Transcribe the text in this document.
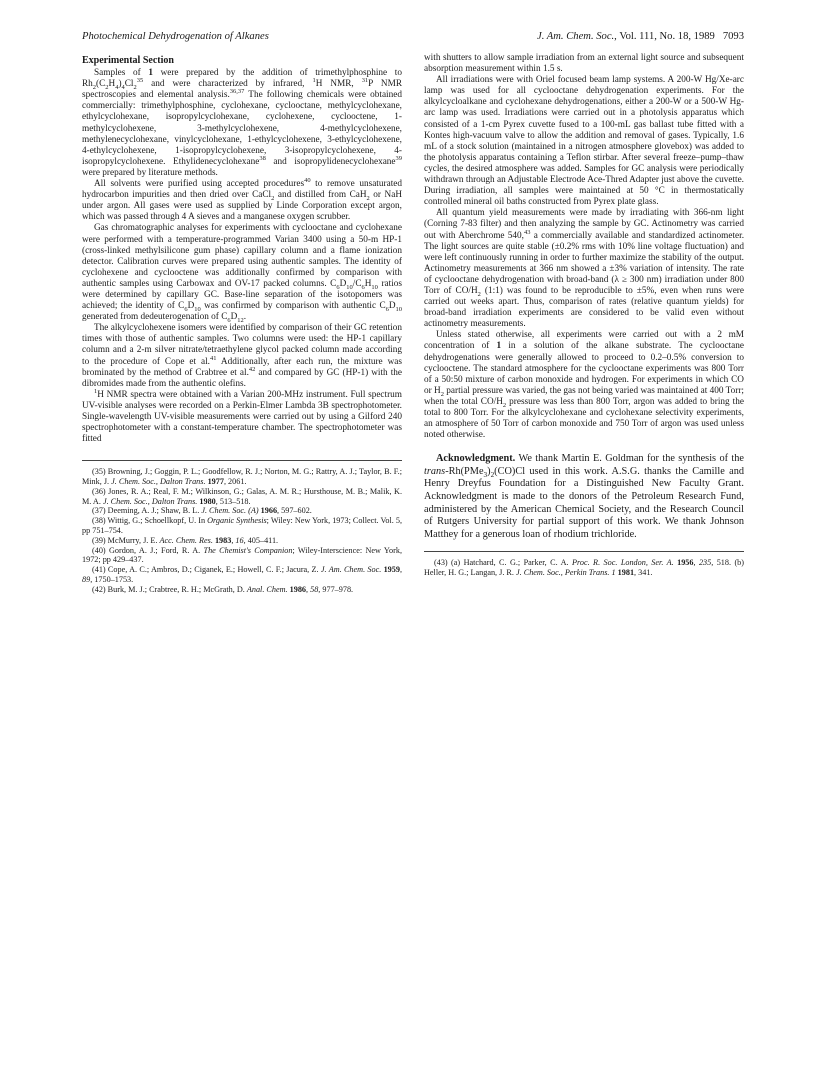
Photochemical Dehydrogenation of Alkanes	J. Am. Chem. Soc., Vol. 111, No. 18, 1989 7093
Experimental Section

Samples of 1 were prepared by the addition of trimethylphosphine to $Rh_2(C_2H_4)_4Cl_2^{35}$ and were characterized by infrared, $^1$H NMR, $^{31}$P NMR spectroscopies and elemental analysis.$^{36,37}$ The following chemicals were obtained commercially: trimethylphosphine, cyclohexane, cyclooctane, methylcyclohexane, ethylcyclohexane, isopropylcyclohexane, cyclohexene, cyclooctene, 1-methylcyclohexene, 3-methylcyclohexene, 4-methylcyclohexene, methylenecyclohexane, vinylcyclohexane, 1-ethylcyclohexene, 3-ethylcyclohexene, 4-ethylcyclohexene, 1-isopropylcyclohexene, 3-isopropylcyclohexene, 4-isopropylcyclohexene. Ethylidenecyclohexane$^{38}$ and isopropylidenecyclohexane$^{39}$ were prepared by literature methods.

All solvents were purified using accepted procedures$^{40}$ to remove unsaturated hydrocarbon impurities and then dried over CaCl$_2$ and distilled from CaH$_2$ or NaH under argon. All gases were used as supplied by Linde Corporation except argon, which was passed through 4 A sieves and a manganese oxygen scrubber.

Gas chromatographic analyses for experiments with cyclooctane and cyclohexane were performed with a temperature-programmed Varian 3400 using a 50-m HP-1 (cross-linked methylsilicone gum phase) capillary column and a flame ionization detector. Calibration curves were prepared using authentic samples. The identity of cyclohexene and cyclooctene was additionally confirmed by comparison with authentic samples using Carbowax and OV-17 packed columns. $C_6D_{10}/C_6H_{10}$ ratios were determined by capillary GC. Base-line separation of the isotopomers was achieved; the identity of $C_6D_{10}$ was confirmed by comparison with authentic $C_6D_{10}$ generated from dedeuterogenation of $C_6D_{12}$.

The alkylcyclohexene isomers were identified by comparison of their GC retention times with those of authentic samples. Two columns were used: the HP-1 capillary column and a 2-m silver nitrate/tetraethylene glycol packed column made according to the procedure of Cope et al.$^{41}$ Additionally, after each run, the mixture was brominated by the method of Crabtree et al.$^{42}$ and compared by GC (HP-1) with the dibromides made from the authentic olefins.

$^1$H NMR spectra were obtained with a Varian 200-MHz instrument. Full spectrum UV-visible analyses were recorded on a Perkin-Elmer Lambda 3B spectrophotometer. Single-wavelength UV-visible measurements were carried out by using a Gilford 240 spectrophotometer with a constant-temperature chamber. The spectrophotometer was fitted

(35) Browning, J.; Goggin, P. L.; Goodfellow, R. J.; Norton, M. G.; Rattry, A. J.; Taylor, B. F.; Mink, J. J. Chem. Soc., Dalton Trans. 1977, 2061.

(36) Jones, R. A.; Real, F. M.; Wilkinson, G.; Galas, A. M. R.; Hursthouse, M. B.; Malik, K. M. A. J. Chem. Soc., Dalton Trans. 1980, 513–518.

(37) Deeming, A. J.; Shaw, B. L. J. Chem. Soc. (A) 1966, 597–602.

(38) Wittig, G.; Schoellkopf, U. In Organic Synthesis; Wiley: New York, 1973; Collect. Vol. 5, pp 751–754.

(39) McMurry, J. E. Acc. Chem. Res. 1983, 16, 405–411.

(40) Gordon, A. J.; Ford, R. A. The Chemist's Companion; Wiley-Interscience: New York, 1972; pp 429–437.

(41) Cope, A. C.; Ambros, D.; Ciganek, E.; Howell, C. F.; Jacura, Z. J. Am. Chem. Soc. 1959, 89, 1750–1753.

(42) Burk, M. J.; Crabtree, R. H.; McGrath, D. Anal. Chem. 1986, 58, 977–978.

with shutters to allow sample irradiation from an external light source and subsequent absorption measurement within 1.5 s.

All irradiations were with Oriel focused beam lamp systems. A 200-W Hg/Xe-arc lamp was used for all cyclooctane dehydrogenation experiments. For the alkylcycloalkane and cyclohexane dehydrogenations, either a 200-W or a 500-W Hg-arc lamp was used. Irradiations were carried out in a photolysis apparatus which consisted of a 1-cm Pyrex cuvette fused to a 100-mL gas ballast tube fitted with a Kontes high-vacuum valve to allow the addition and removal of gases. Typically, 1.6 mL of a stock solution (maintained in a nitrogen atmosphere glovebox) was added to the photolysis apparatus containing a Teflon stirbar. After several freeze–pump–thaw cycles, the desired atmosphere was added. Samples for GC analysis were periodically withdrawn through an Adjustable Electrode Ace-Thred Adapter just above the cuvette. During irradiation, all samples were maintained at 50 °C in thermostatically controlled mineral oil baths constructed from Pyrex plate glass.

All quantum yield measurements were made by irradiating with 366-nm light (Corning 7-83 filter) and then analyzing the sample by GC. Actinometry was carried out with Aberchrome 540,43 a commercially available and standardized actinometer. The light sources are quite stable (±0.2% rms with 10% line voltage fluctuation) and were left continuously running in order to further maximize the stability of the output. Actinometry measurements at 366 nm showed a ±3% variation of intensity. The rate of cyclooctane dehydrogenation with broad-band (λ ≥ 300 nm) irradiation under 800 Torr of $CO/H_2$ (1:1) was found to be reproducible to ±5%, even when runs were carried out weeks apart. Thus, comparison of rates (relative quantum yields) for broad-band irradiation experiments are considered to be valid even without actinometry measurements.

Unless stated otherwise, all experiments were carried out with a 2 mM concentration of 1 in a solution of the alkane substrate. The cyclooctane dehydrogenations were generally allowed to proceed to 0.2–0.5% conversion to cyclooctene. The standard atmosphere for the cyclooctane experiments was 800 Torr of a 50:50 mixture of carbon monoxide and hydrogen. For experiments in which CO or $H_2$ partial pressure was varied, the gas not being varied was maintained at 400 Torr; when the total $CO/H_2$ pressure was less than 800 Torr, argon was added to bring the total to 800 Torr. For the alkylcyclohexane and cyclohexane selectivity experiments, an atmosphere of 50 Torr of carbon monoxide and 750 Torr of argon was used unless noted otherwise.

Acknowledgment. We thank Martin E. Goldman for the synthesis of the trans-$Rh(PMe_3)_2(CO)Cl$ used in this work. A.S.G. thanks the Camille and Henry Dreyfus Foundation for a Distinguished New Faculty Grant. Acknowledgment is made to the donors of the Petroleum Research Fund, administered by the American Chemical Society, and the Research Council of Rutgers University for partial support of this work. We thank Johnson Matthey for a generous loan of rhodium trichloride.

(43) (a) Hatchard, C. G.; Parker, C. A. Proc. R. Soc. London, Ser. A. 1956, 235, 518. (b) Heller, H. G.; Langan, J. R. J. Chem. Soc., Perkin Trans. 1 1981, 341.
